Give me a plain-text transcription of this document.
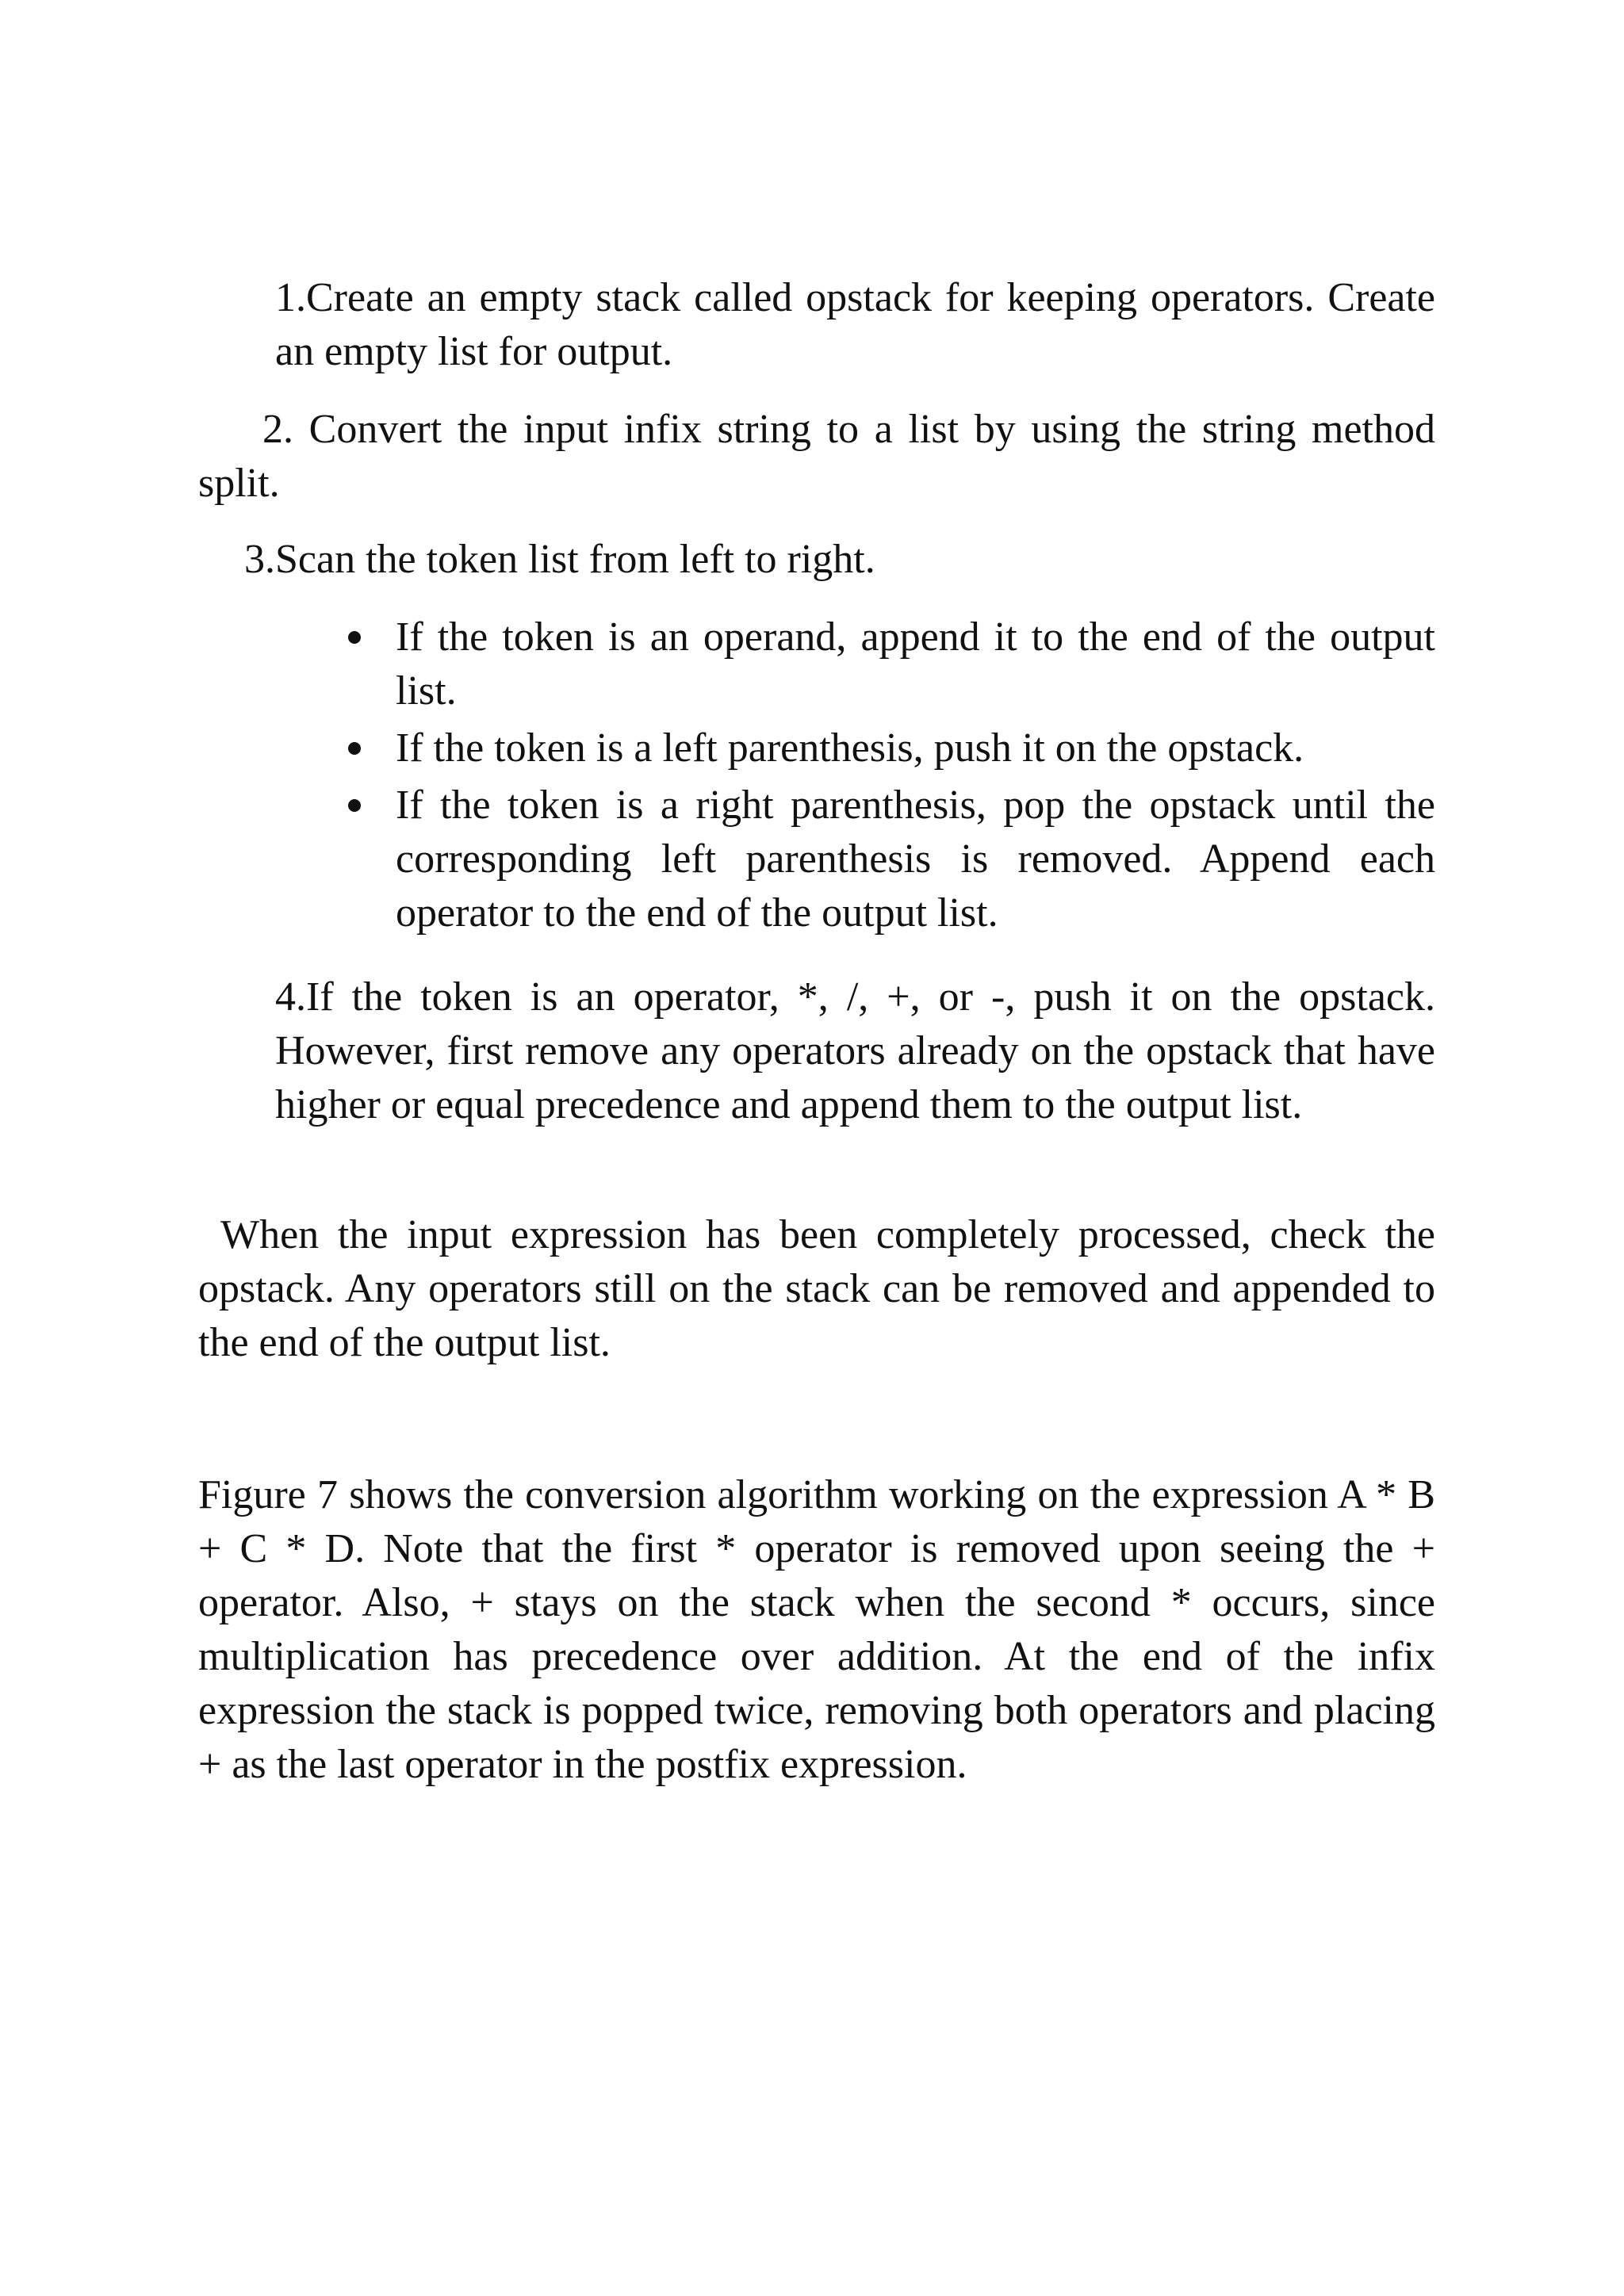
1.Create an empty stack called opstack for keeping operators. Create an empty list for output.

2. Convert the input infix string to a list by using the string method split.

3.Scan the token list from left to right.

If the token is an operand, append it to the end of the output list.
If the token is a left parenthesis, push it on the opstack.
If the token is a right parenthesis, pop the opstack until the corresponding left parenthesis is removed. Append each operator to the end of the output list.

4.If the token is an operator, *, /, +, or -, push it on the opstack. However, first remove any operators already on the opstack that have higher or equal precedence and append them to the output list.

When the input expression has been completely processed, check the opstack. Any operators still on the stack can be removed and appended to the end of the output list.

Figure 7 shows the conversion algorithm working on the expression A * B + C * D. Note that the first * operator is removed upon seeing the + operator. Also, + stays on the stack when the second * occurs, since multiplication has precedence over addition. At the end of the infix expression the stack is popped twice, removing both operators and placing + as the last operator in the postfix expression.
